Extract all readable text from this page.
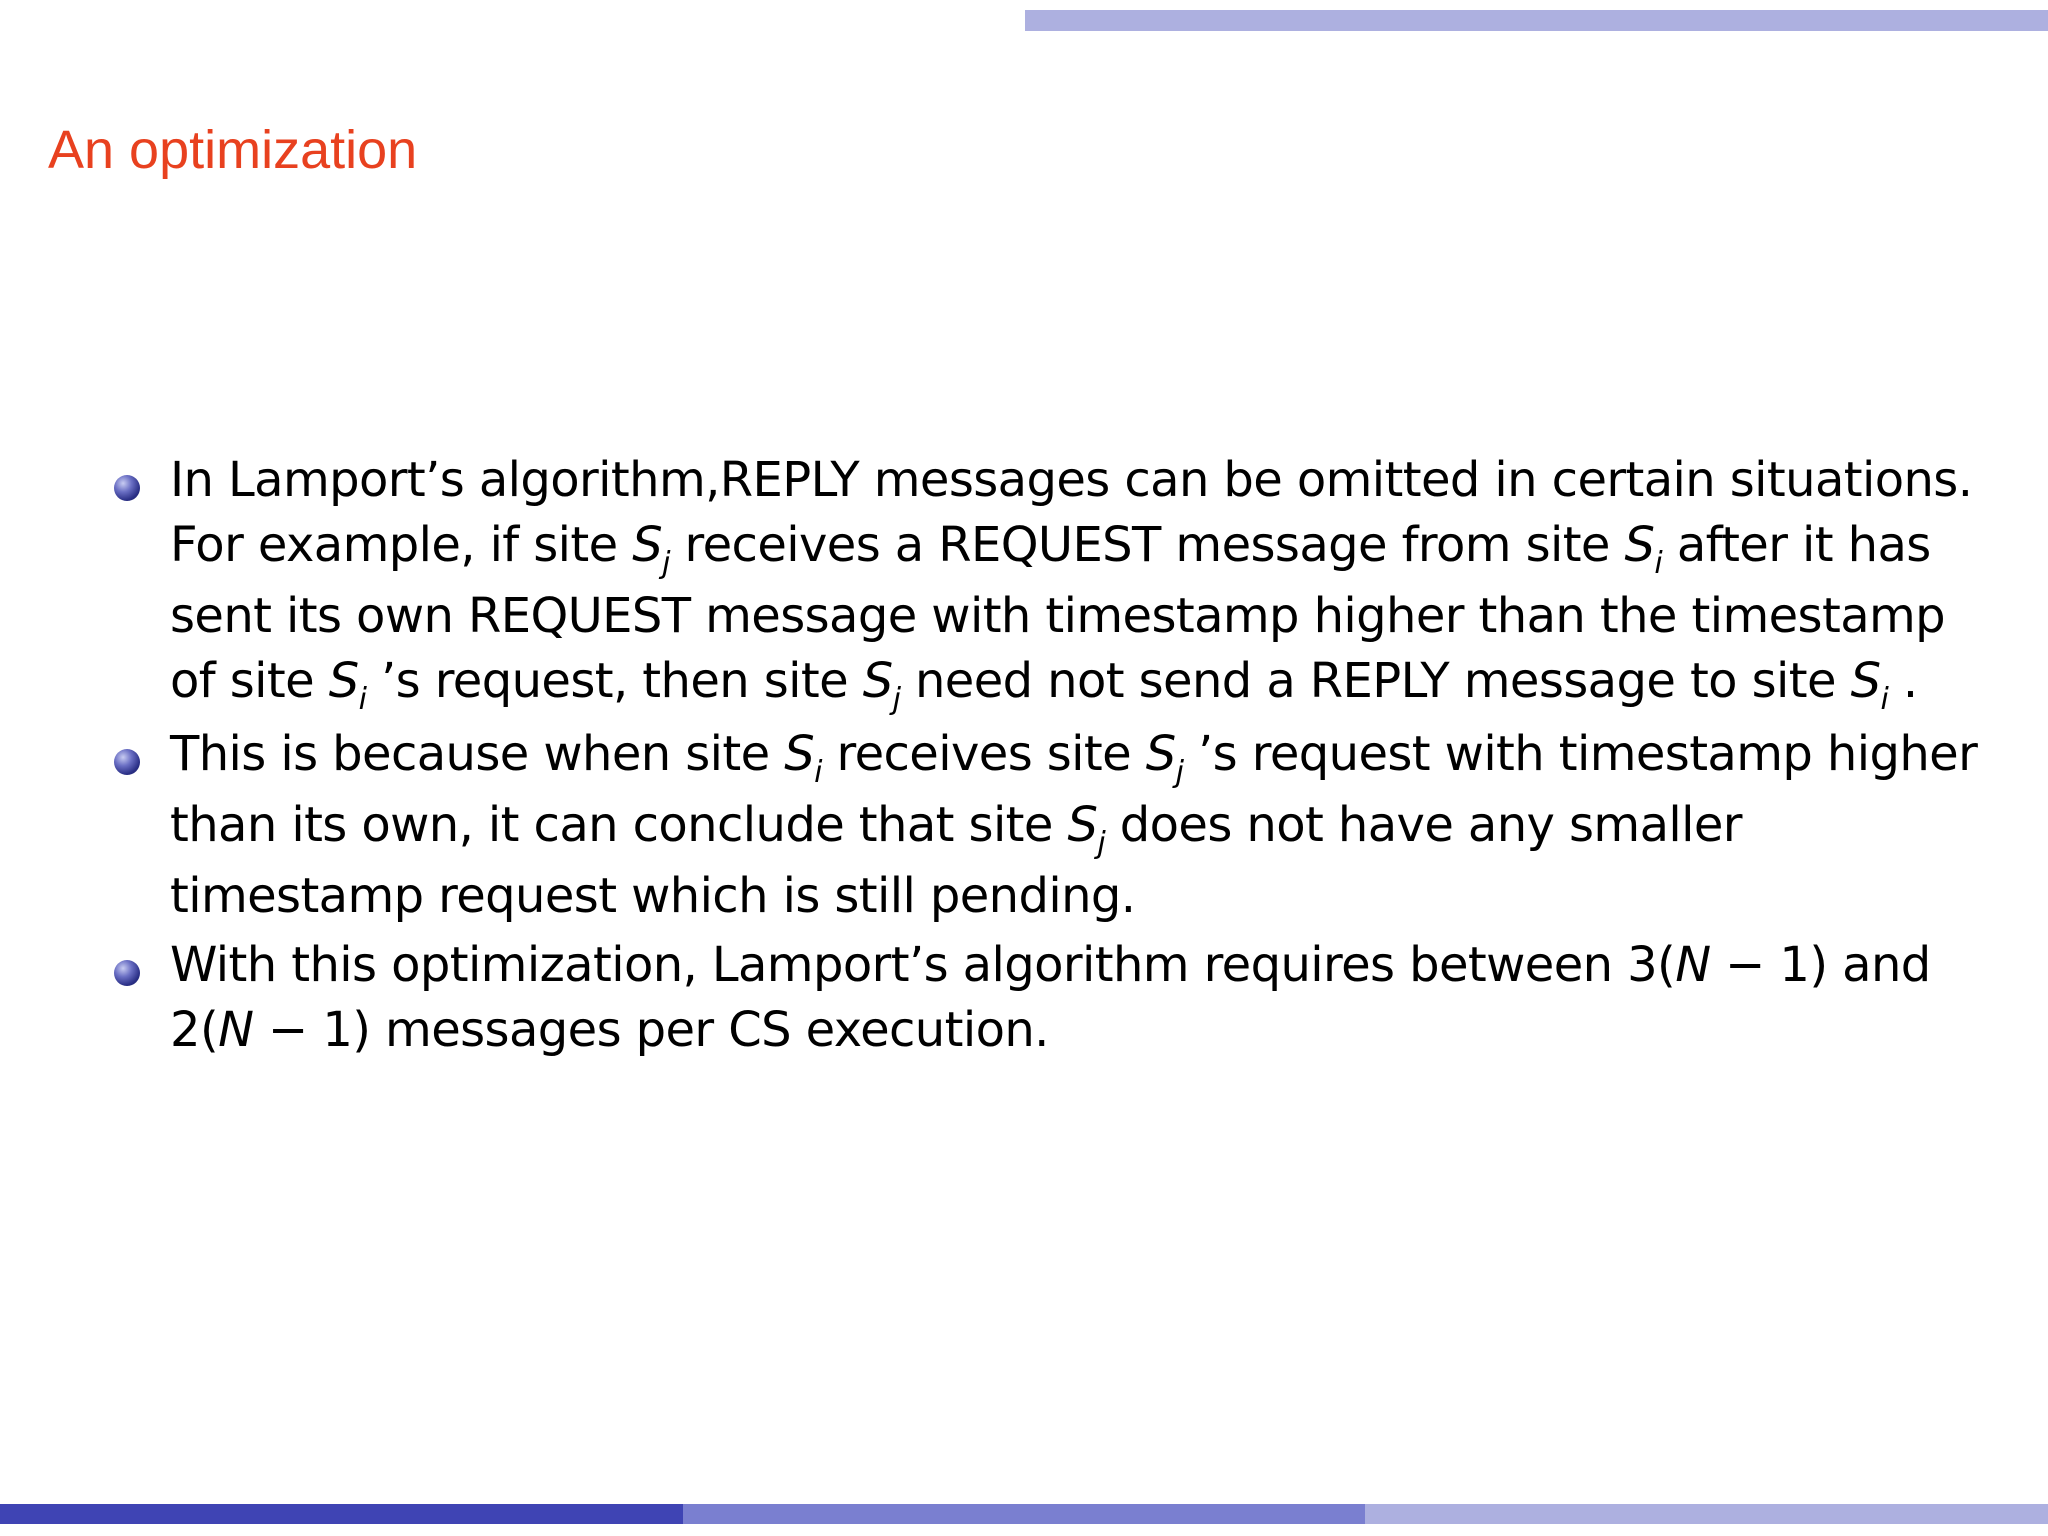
An optimization
In Lamport’s algorithm,REPLY messages can be omitted in certain situations.
For example, if site $S_j$ receives a REQUEST message from site $S_i$ after it has
sent its own REQUEST message with timestamp higher than the timestamp
of site $S_i$ ’s request, then site $S_j$ need not send a REPLY message to site $S_i$ .
This is because when site $S_i$ receives site $S_j$ ’s request with timestamp higher
than its own, it can conclude that site $S_j$ does not have any smaller
timestamp request which is still pending.
With this optimization, Lamport’s algorithm requires between 3(N − 1) and
2(N − 1) messages per CS execution.
